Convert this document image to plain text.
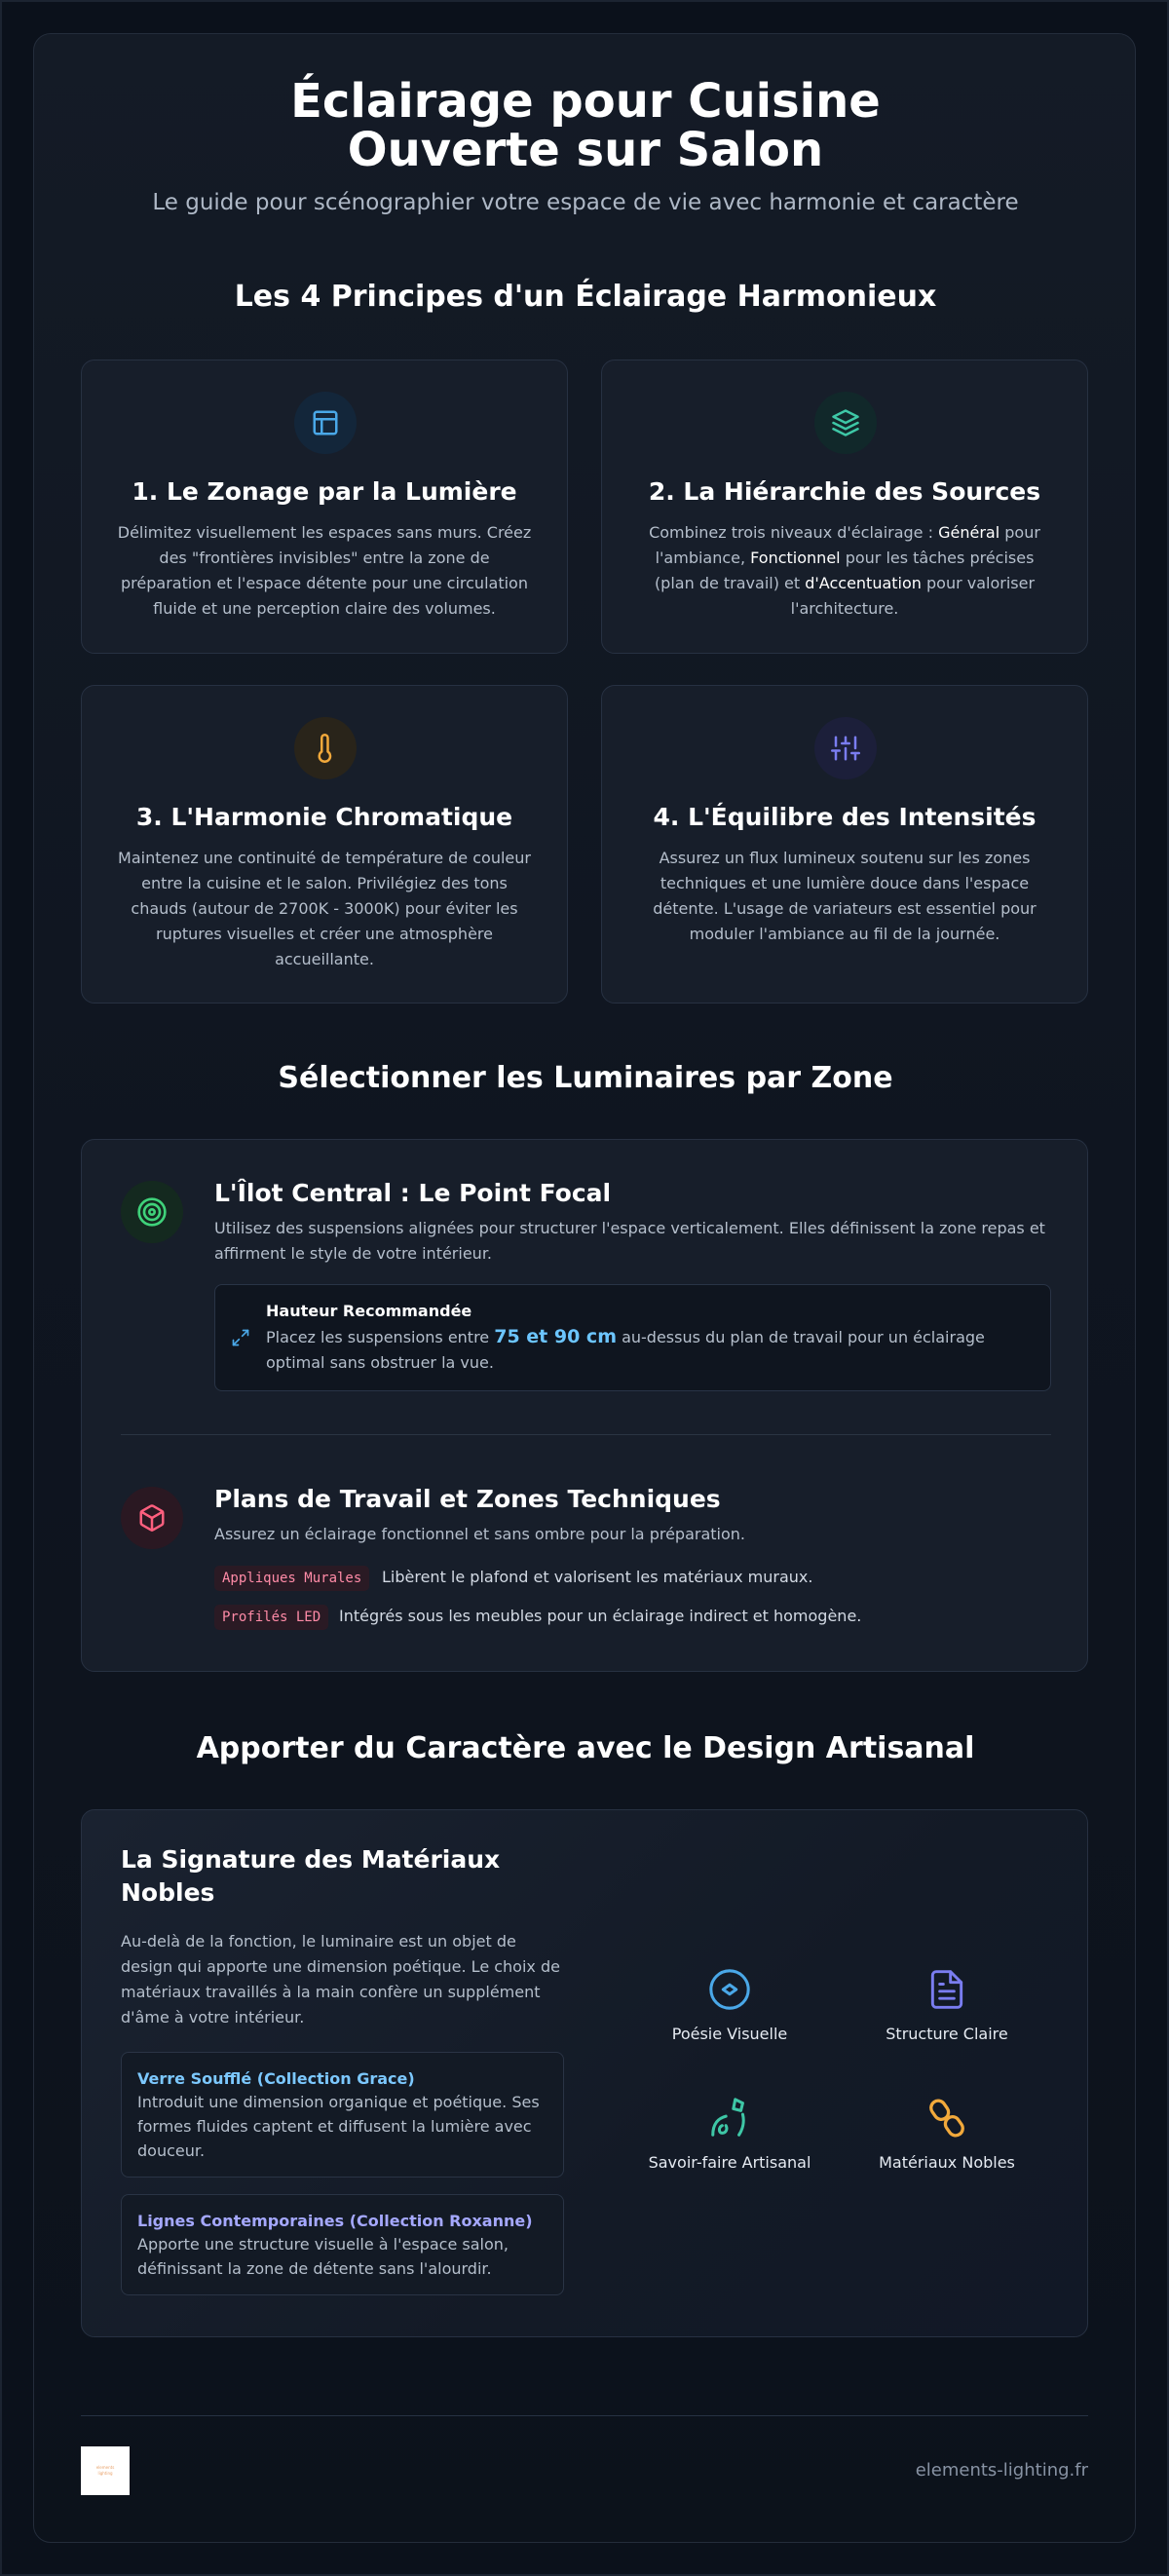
Éclairage pour Cuisine Ouverte sur Salon
Le guide pour scénographier votre espace de vie avec harmonie et caractère
Les 4 Principes d'un Éclairage Harmonieux
1. Le Zonage par la Lumière

Délimitez visuellement les espaces sans murs. Créez des "frontières invisibles" entre la zone de préparation et l'espace détente pour une circulation fluide et une perception claire des volumes.

2. La Hiérarchie des Sources

Combinez trois niveaux d'éclairage : Général pour l'ambiance, Fonctionnel pour les tâches précises (plan de travail) et d'Accentuation pour valoriser l'architecture.

3. L'Harmonie Chromatique

Maintenez une continuité de température de couleur entre la cuisine et le salon. Privilégiez des tons chauds (autour de 2700K - 3000K) pour éviter les ruptures visuelles et créer une atmosphère accueillante.

4. L'Équilibre des Intensités

Assurez un flux lumineux soutenu sur les zones techniques et une lumière douce dans l'espace détente. L'usage de variateurs est essentiel pour moduler l'ambiance au fil de la journée.

Sélectionner les Luminaires par Zone
L'Îlot Central : Le Point Focal
Utilisez des suspensions alignées pour structurer l'espace verticalement. Elles définissent la zone repas et affirment le style de votre intérieur.
Hauteur Recommandée
Placez les suspensions entre 75 et 90 cm au-dessus du plan de travail pour un éclairage optimal sans obstruer la vue.
Plans de Travail et Zones Techniques
Assurez un éclairage fonctionnel et sans ombre pour la préparation.
Appliques Murales	Libèrent le plafond et valorisent les matériaux muraux.
Profilés LED	Intégrés sous les meubles pour un éclairage indirect et homogène.
Apporter du Caractère avec le Design Artisanal
La Signature des Matériaux Nobles
Au-delà de la fonction, le luminaire est un objet de design qui apporte une dimension poétique. Le choix de matériaux travaillés à la main confère un supplément d'âme à votre intérieur.
Verre Soufflé (Collection Grace)
Introduit une dimension organique et poétique. Ses formes fluides captent et diffusent la lumière avec douceur.
Lignes Contemporaines (Collection Roxanne)
Apporte une structure visuelle à l'espace salon, définissant la zone de détente sans l'alourdir.
Poésie Visuelle	Structure Claire
Savoir-faire Artisanal	Matériaux Nobles
elements
lighting	elements-lighting.fr
